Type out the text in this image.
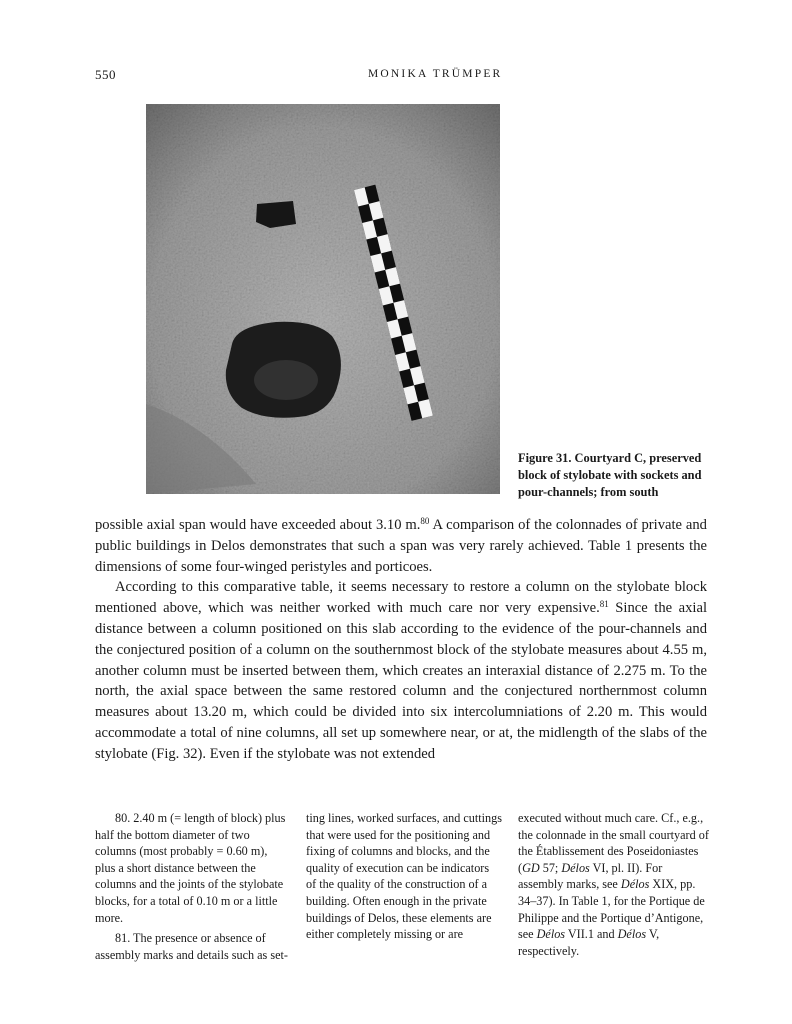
550	MONIKA TRÜMPER
Figure 31. Courtyard C, preserved block of stylobate with sockets and pour-channels; from south

possible axial span would have exceeded about 3.10 m.$^{80}$ A comparison of the colonnades of private and public buildings in Delos demonstrates that such a span was very rarely achieved. Table 1 presents the dimensions of some four-winged peristyles and porticoes.

According to this comparative table, it seems necessary to restore a column on the stylobate block mentioned above, which was neither worked with much care nor very expensive.$^{81}$ Since the axial distance between a column positioned on this slab according to the evidence of the pour-channels and the conjectured position of a column on the southernmost block of the stylobate measures about 4.55 m, another column must be inserted between them, which creates an interaxial distance of 2.275 m. To the north, the axial space between the same restored column and the conjectured northernmost column measures about 13.20 m, which could be divided into six intercolumniations of 2.20 m. This would accommodate a total of nine columns, all set up somewhere near, or at, the midlength of the slabs of the stylobate (Fig. 32). Even if the stylobate was not extended

80. 2.40 m (= length of block) plus half the bottom diameter of two columns (most probably = 0.60 m), plus a short distance between the columns and the joints of the stylobate blocks, for a total of 0.10 m or a little more.

81. The presence or absence of assembly marks and details such as set-

ting lines, worked surfaces, and cuttings that were used for the positioning and fixing of columns and blocks, and the quality of execution can be indicators of the quality of the construction of a building. Often enough in the private buildings of Delos, these elements are either completely missing or are

executed without much care. Cf., e.g., the colonnade in the small courtyard of the Établissement des Poseidoniastes (GD 57; Délos VI, pl. II). For assembly marks, see Délos XIX, pp. 34–37). In Table 1, for the Portique de Philippe and the Portique d’Antigone, see Délos VII.1 and Délos V, respectively.
